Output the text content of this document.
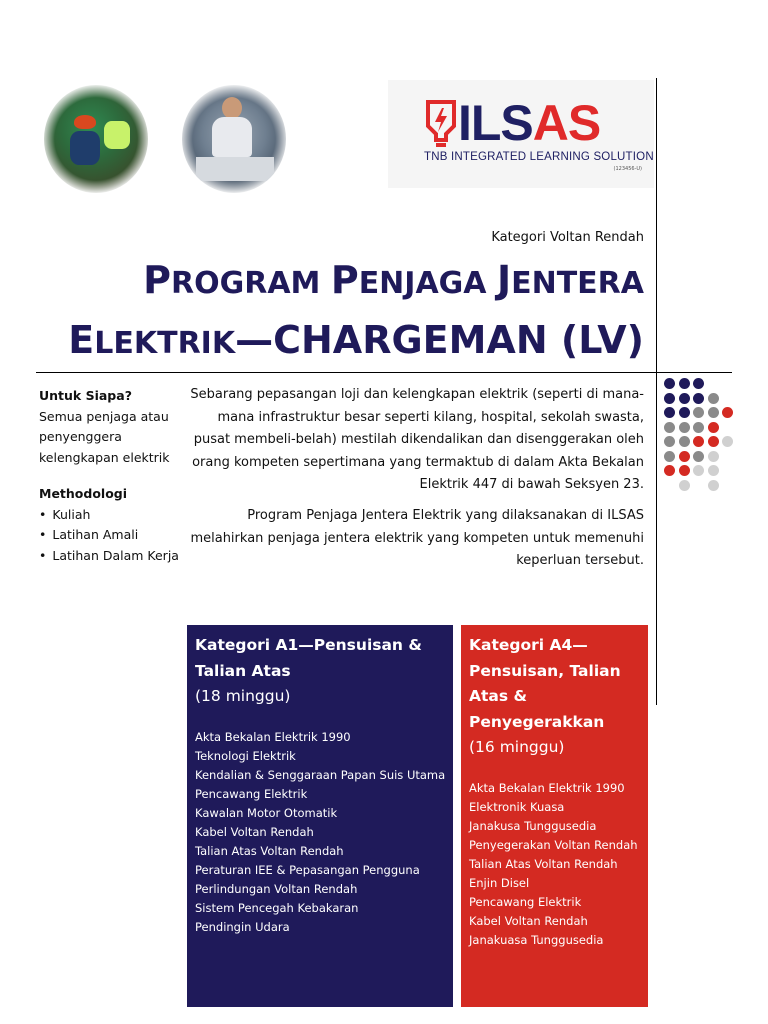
ILSAS
TNB INTEGRATED LEARNING SOLUTION
(123456-U)
Kategori Voltan Rendah
PROGRAM PENJAGA JENTERA
ELEKTRIK—CHARGEMAN (LV)
Untuk Siapa?
Semua penjaga atau penyenggera kelengkapan elektrik
Methodologi
• Kuliah
• Latihan Amali
• Latihan Dalam Kerja

Sebarang pepasangan loji dan kelengkapan elektrik (seperti di mana-mana infrastruktur besar seperti kilang, hospital, sekolah swasta, pusat membeli-belah) mestilah dikendalikan dan disenggerakan oleh orang kompeten sepertimana yang termaktub di dalam Akta Bekalan Elektrik 447 di bawah Seksyen 23.

Program Penjaga Jentera Elektrik yang dilaksanakan di ILSAS melahirkan penjaga jentera elektrik yang kompeten untuk memenuhi keperluan tersebut.

Kategori A1—Pensuisan & Talian Atas
(18 minggu)
Akta Bekalan Elektrik 1990
Teknologi Elektrik
Kendalian & Senggaraan Papan Suis Utama
Pencawang Elektrik
Kawalan Motor Otomatik
Kabel Voltan Rendah
Talian Atas Voltan Rendah
Peraturan IEE & Pepasangan Pengguna
Perlindungan Voltan Rendah
Sistem Pencegah Kebakaran
Pendingin Udara
Kategori A4—
Pensuisan, Talian
Atas &
Penyegerakkan
(16 minggu)
Akta Bekalan Elektrik 1990
Elektronik Kuasa
Janakusa Tunggusedia
Penyegerakan Voltan Rendah
Talian Atas Voltan Rendah
Enjin Disel
Pencawang Elektrik
Kabel Voltan Rendah
Janakuasa Tunggusedia
